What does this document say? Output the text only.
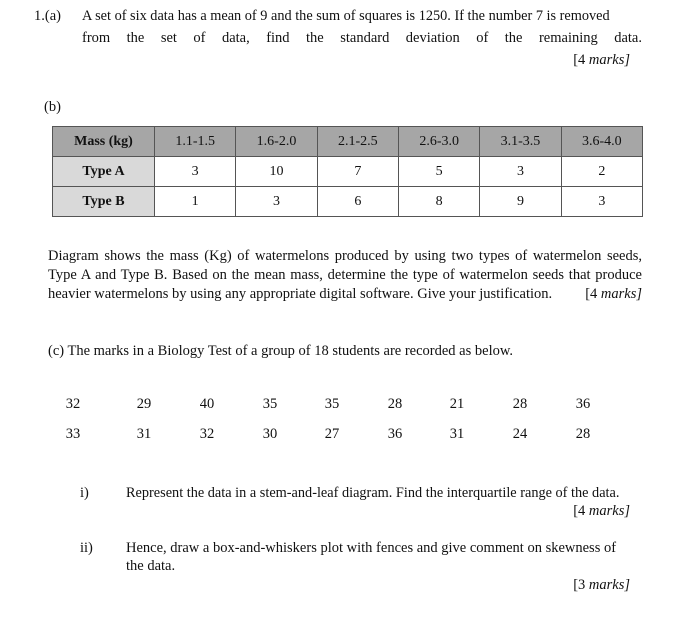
1.(a) A set of six data has a mean of 9 and the sum of squares is 1250. If the number 7 is removed
from the set of data, find the standard deviation of the remaining data.
[4 marks]
(b)
Mass (kg)	1.1-1.5	1.6-2.0	2.1-2.5	2.6-3.0	3.1-3.5	3.6-4.0
Type A	3	10	7	5	3	2
Type B	1	3	6	8	9	3
Diagram shows the mass (Kg) of watermelons produced by using two types of watermelon seeds,
Type A and Type B. Based on the mean mass, determine the type of watermelon seeds that produce
heavier watermelons by using any appropriate digital software. Give your justification. [4 marks]
(c) The marks in a Biology Test of a group of 18 students are recorded as below.
32	29	40	35	35	28	21	28	36
33	31	32	30	27	36	31	24	28
i)	Represent the data in a stem-and-leaf diagram. Find the interquartile range of the data.
[4 marks]
ii) Hence, draw a box-and-whiskers plot with fences and give comment on skewness of
the data.
[3 marks]
